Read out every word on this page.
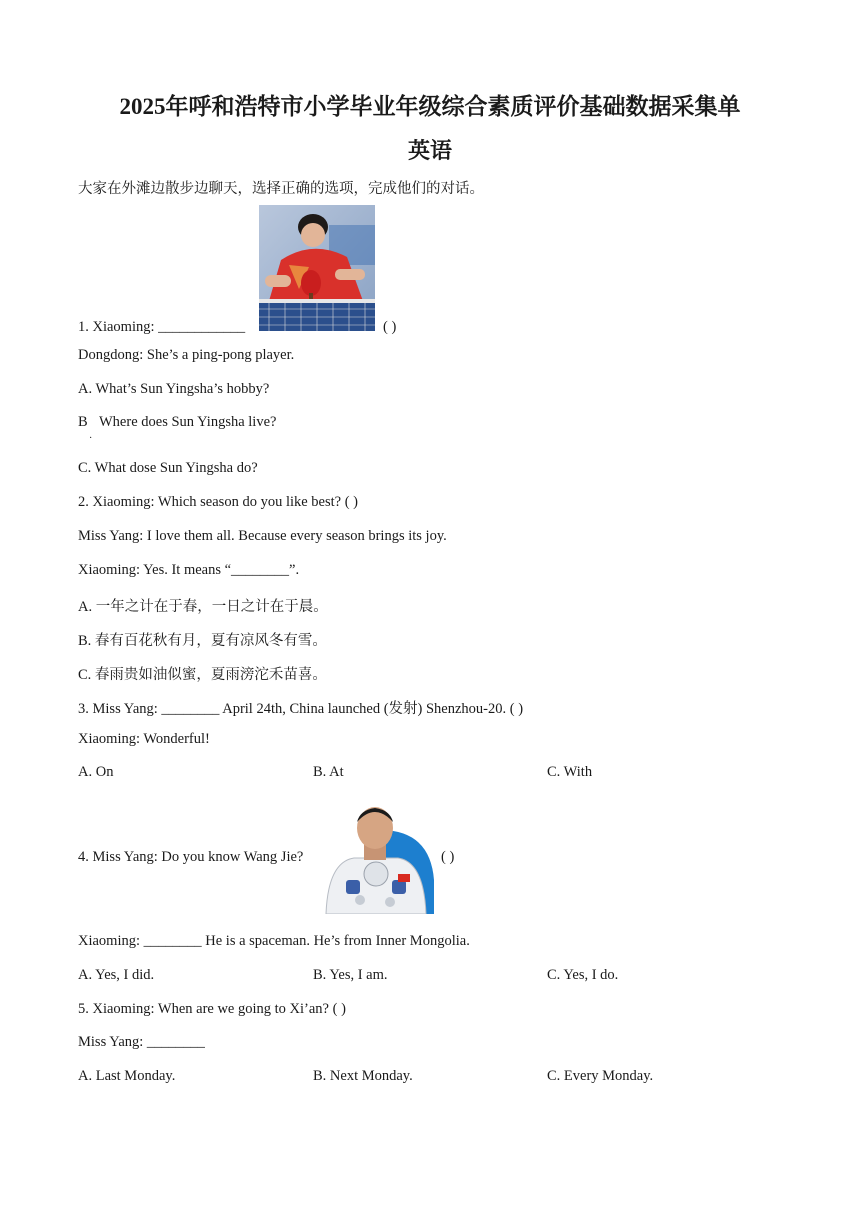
2025年呼和浩特市小学毕业年级综合素质评价基础数据采集单
英语
大家在外滩边散步边聊天，选择正确的选项，完成他们的对话。
1. Xiaoming: ____________	( )
Dongdong: She’s a ping-pong player.
A. What’s Sun Yingsha’s hobby?
B
·
Where does Sun Yingsha live?
C. What dose Sun Yingsha do?
2. Xiaoming: Which season do you like best? ( )
Miss Yang: I love them all. Because every season brings its joy.
Xiaoming: Yes. It means “________”.
A. 一年之计在于春，一日之计在于晨。
B. 春有百花秋有月，夏有凉风冬有雪。
C. 春雨贵如油似蜜，夏雨滂沱禾苗喜。
3. Miss Yang: ________ April 24th, China launched (发射) Shenzhou-20. ( )
Xiaoming: Wonderful!
A. On	B. At	C. With
4. Miss Yang: Do you know Wang Jie?	( )
Xiaoming: ________ He is a spaceman. He’s from Inner Mongolia.
A. Yes, I did.	B. Yes, I am.	C. Yes, I do.
5. Xiaoming: When are we going to Xi’an? ( )
Miss Yang: ________
A. Last Monday.	B. Next Monday.	C. Every Monday.
